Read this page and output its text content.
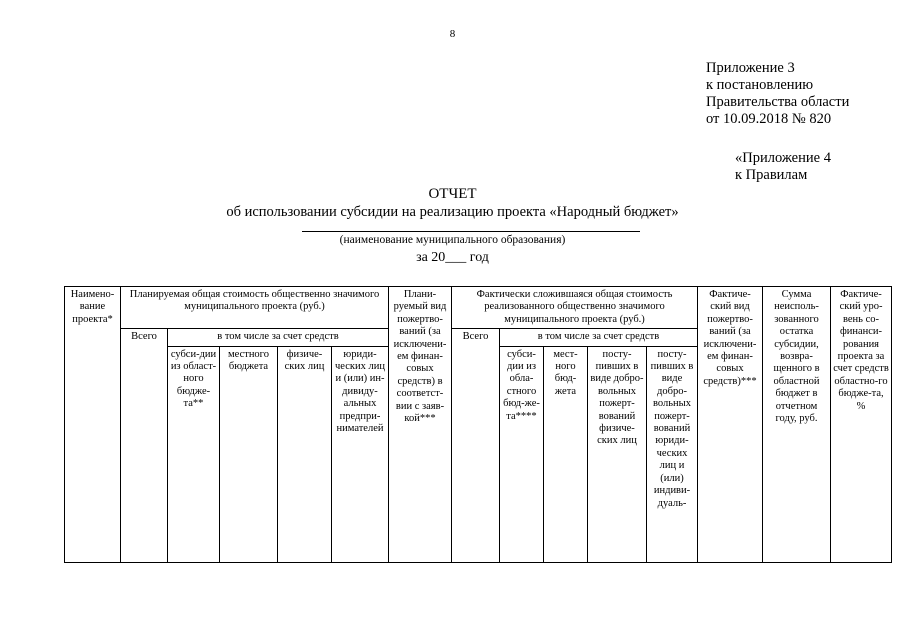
8
Приложение 3
к постановлению
Правительства области
от 10.09.2018 № 820
«Приложение 4
к Правилам
ОТЧЕТ
об использовании субсидии на реализацию проекта «Народный бюджет»
(наименование муниципального образования)
за 20___ год
Наимено-вание проекта*	Планируемая общая стоимость общественно значимого муниципального проекта (руб.)					Плани-руемый вид пожертво-ваний (за исключени-ем финан-совых средств) в соответст-вии с заяв-кой***	Фактически сложившаяся общая стоимость реализованного общественно значимого муниципального проекта (руб.)					Фактиче-ский вид пожертво-ваний (за исключени-ем финан-совых средств)***	Сумма неисполь-зованного остатка субсидии, возвра-щенного в областной бюджет в отчетном году, руб.	Фактиче-ский уро-вень со-финанси-рования проекта за счет средств областно-го бюдже-та, %
	Всего	в том числе за счет средств					Всего	в том числе за счет средств						
		субси-дии из област-ного бюдже-та**	местного бюджета	физиче-ских лиц	юриди-ческих лиц и (или) ин-дивиду-альных предпри-нимателей			субси-дии из обла-стного бюд-же-та****	мест-ного бюд-жета	посту-пивших в виде добро-вольных пожерт-вований физиче-ских лиц	посту-пивших в виде добро-вольных пожерт-вований юриди-ческих лиц и (или) индиви-дуаль-			
